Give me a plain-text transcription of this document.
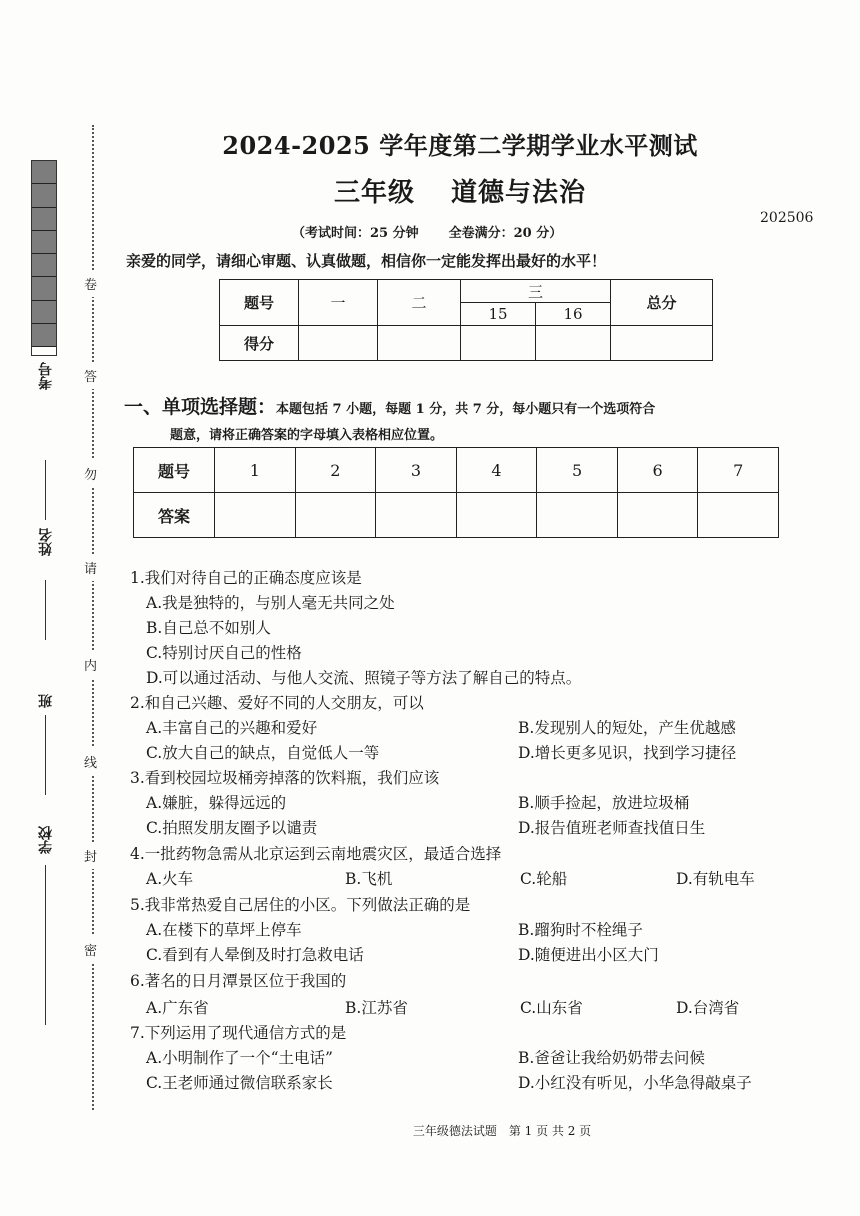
考号
姓名
班
学校
卷
答
勿
请
内
线
封
密
2024-2025 学年度第二学期学业水平测试
三年级 道德与法治
202506
（考试时间：25 分钟 全卷满分：20 分）
亲爱的同学，请细心审题、认真做题，相信你一定能发挥出最好的水平！
题号	一	二	三		总分
			15	16	
得分					
一、单项选择题：本题包括 7 小题，每题 1 分，共 7 分，每小题只有一个选项符合
题意，请将正确答案的字母填入表格相应位置。
题号	1	2	3	4	5	6	7
答案							
1.我们对待自己的正确态度应该是
A.我是独特的，与别人毫无共同之处
B.自己总不如别人
C.特别讨厌自己的性格
D.可以通过活动、与他人交流、照镜子等方法了解自己的特点。
2.和自己兴趣、爱好不同的人交朋友，可以
A.丰富自己的兴趣和爱好	B.发现别人的短处，产生优越感
C.放大自己的缺点，自觉低人一等	D.增长更多见识，找到学习捷径
3.看到校园垃圾桶旁掉落的饮料瓶，我们应该
A.嫌脏，躲得远远的	B.顺手捡起，放进垃圾桶
C.拍照发朋友圈予以谴责	D.报告值班老师查找值日生
4.一批药物急需从北京运到云南地震灾区，最适合选择
A.火车	B.飞机	C.轮船	D.有轨电车
5.我非常热爱自己居住的小区。下列做法正确的是
A.在楼下的草坪上停车	B.蹓狗时不栓绳子
C.看到有人晕倒及时打急救电话	D.随便进出小区大门
6.著名的日月潭景区位于我国的
A.广东省	B.江苏省	C.山东省	D.台湾省
7.下列运用了现代通信方式的是
A.小明制作了一个“土电话”	B.爸爸让我给奶奶带去问候
C.王老师通过微信联系家长	D.小红没有听见，小华急得敲桌子
三年级德法试题　第 1 页 共 2 页
